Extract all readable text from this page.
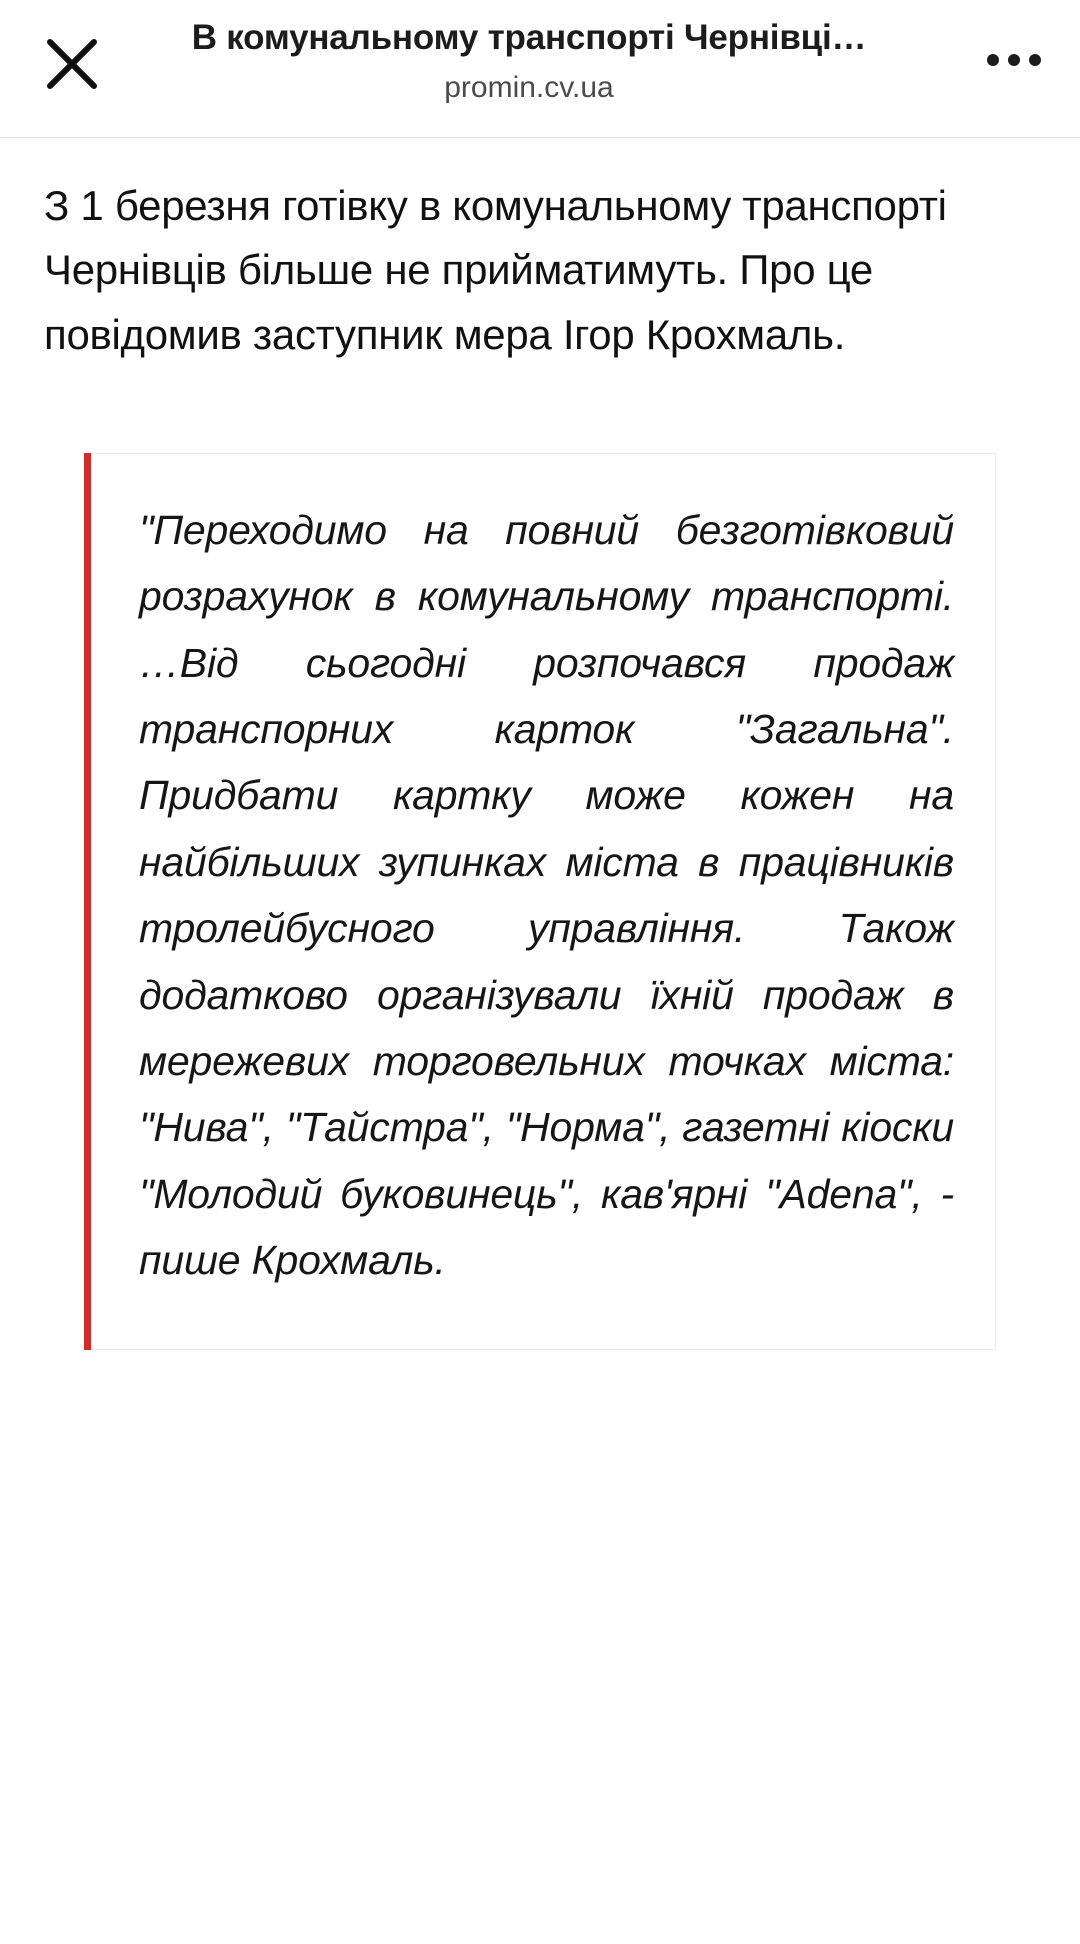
В комунальному транспорті Чернівці…
promin.cv.ua

З 1 березня готівку в комунальному транспорті Чернівців більше не прийматимуть. Про це повідомив заступник мера Ігор Крохмаль.

"Переходимо на повний безготівковий розрахунок в комунальному транспорті. …Від сьогодні розпочався продаж транспорних карток "Загальна". Придбати картку може кожен на найбільших зупинках міста в працівників тролейбусного управління. Також додатково організували їхній продаж в мережевих торговельних точках міста: "Нива", "Тайстра", "Норма", газетні кіоски "Молодий буковинець", кав'ярні "Adena", - пише Крохмаль.
